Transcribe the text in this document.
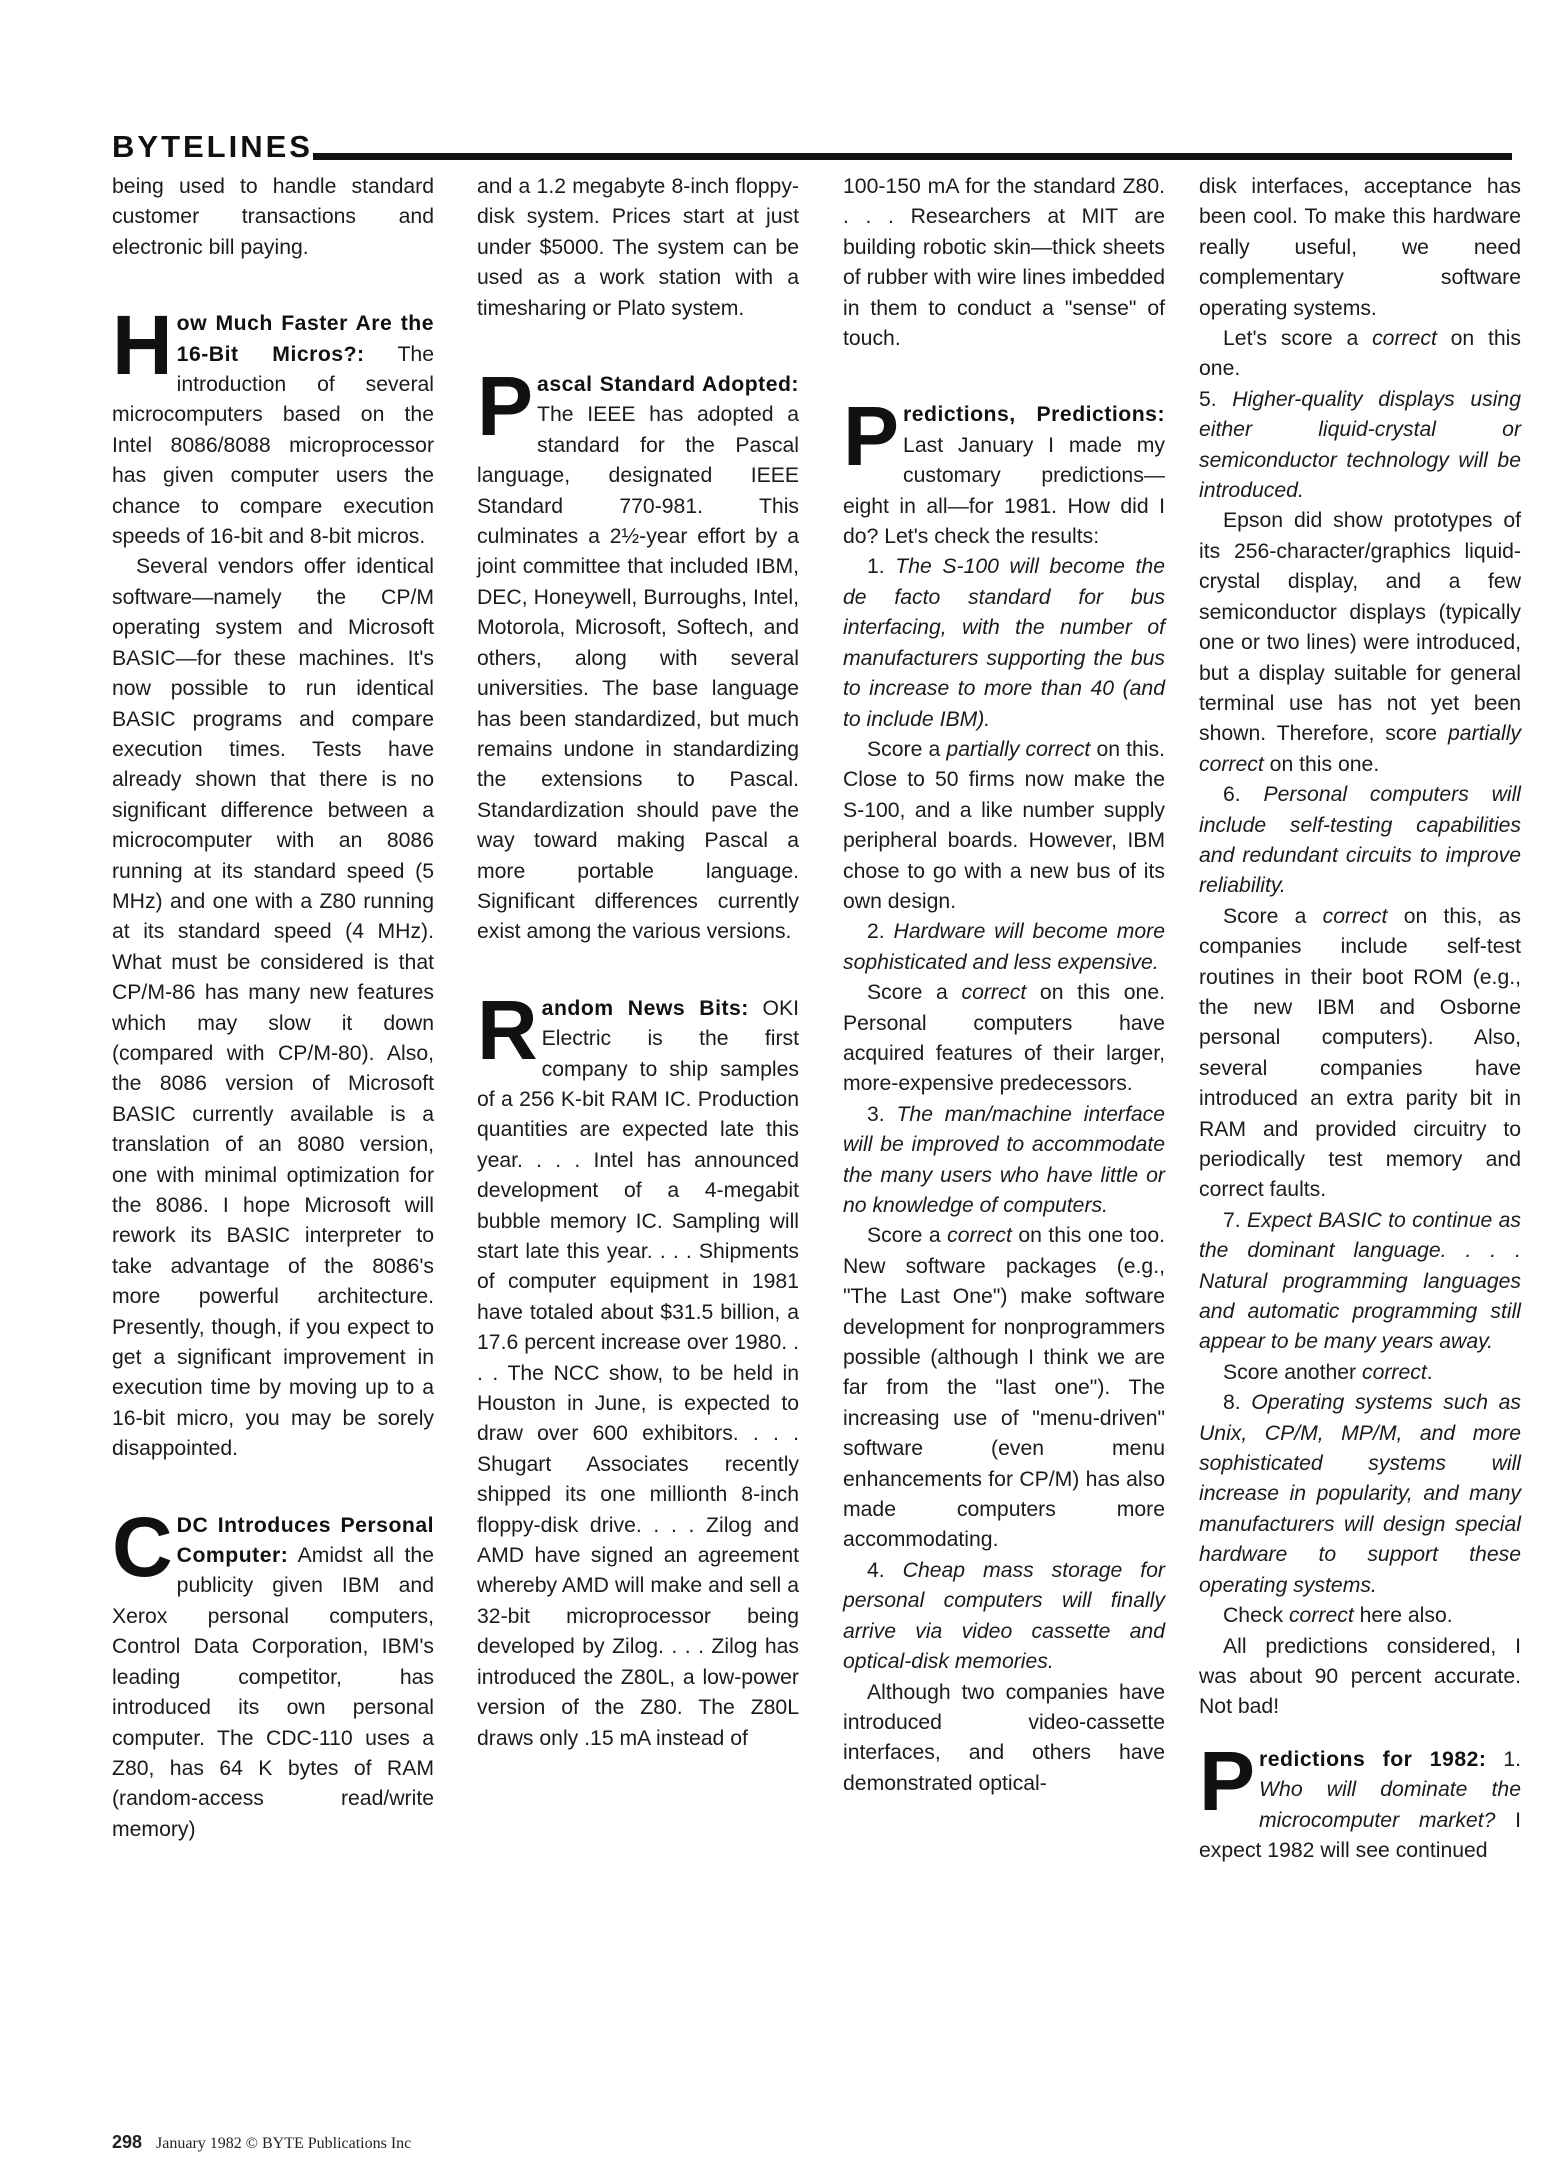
BYTELINES

being used to handle standard customer transactions and electronic bill paying.

How Much Faster Are the 16-Bit Micros?: The introduction of several microcomputers based on the Intel 8086/8088 microprocessor has given computer users the chance to compare execution speeds of 16-bit and 8-bit micros.

Several vendors offer identical software—namely the CP/M operating system and Microsoft BASIC—for these machines. It's now possible to run identical BASIC programs and compare execution times. Tests have already shown that there is no significant difference between a microcomputer with an 8086 running at its standard speed (5 MHz) and one with a Z80 running at its standard speed (4 MHz). What must be considered is that CP/M-86 has many new features which may slow it down (compared with CP/M-80). Also, the 8086 version of Microsoft BASIC currently available is a translation of an 8080 version, one with minimal optimization for the 8086. I hope Microsoft will rework its BASIC interpreter to take advantage of the 8086's more powerful architecture. Presently, though, if you expect to get a significant improvement in execution time by moving up to a 16-bit micro, you may be sorely disappointed.

CDC Introduces Personal Computer: Amidst all the publicity given IBM and Xerox personal computers, Control Data Corporation, IBM's leading competitor, has introduced its own personal computer. The CDC-110 uses a Z80, has 64 K bytes of RAM (random-access read/write memory)

and a 1.2 megabyte 8-inch floppy-disk system. Prices start at just under $5000. The system can be used as a work station with a timesharing or Plato system.

Pascal Standard Adopted: The IEEE has adopted a standard for the Pascal language, designated IEEE Standard 770-981. This culminates a 2½-year effort by a joint committee that included IBM, DEC, Honeywell, Burroughs, Intel, Motorola, Microsoft, Softech, and others, along with several universities. The base language has been standardized, but much remains undone in standardizing the extensions to Pascal. Standardization should pave the way toward making Pascal a more portable language. Significant differences currently exist among the various versions.

Random News Bits: OKI Electric is the first company to ship samples of a 256 K-bit RAM IC. Production quantities are expected late this year. . . . Intel has announced development of a 4-megabit bubble memory IC. Sampling will start late this year. . . . Shipments of computer equipment in 1981 have totaled about $31.5 billion, a 17.6 percent increase over 1980. . . . The NCC show, to be held in Houston in June, is expected to draw over 600 exhibitors. . . . Shugart Associates recently shipped its one millionth 8-inch floppy-disk drive. . . . Zilog and AMD have signed an agreement whereby AMD will make and sell a 32-bit microprocessor being developed by Zilog. . . . Zilog has introduced the Z80L, a low-power version of the Z80. The Z80L draws only .15 mA instead of

100-150 mA for the standard Z80. . . . Researchers at MIT are building robotic skin—thick sheets of rubber with wire lines imbedded in them to conduct a "sense" of touch.

Predictions, Predictions: Last January I made my customary predictions—eight in all—for 1981. How did I do? Let's check the results:

1. The S-100 will become the de facto standard for bus interfacing, with the number of manufacturers supporting the bus to increase to more than 40 (and to include IBM).

Score a partially correct on this. Close to 50 firms now make the S-100, and a like number supply peripheral boards. However, IBM chose to go with a new bus of its own design.

2. Hardware will become more sophisticated and less expensive.

Score a correct on this one. Personal computers have acquired features of their larger, more-expensive predecessors.

3. The man/machine interface will be improved to accommodate the many users who have little or no knowledge of computers.

Score a correct on this one too. New software packages (e.g., "The Last One") make software development for nonprogrammers possible (although I think we are far from the "last one"). The increasing use of "menu-driven" software (even menu enhancements for CP/M) has also made computers more accommodating.

4. Cheap mass storage for personal computers will finally arrive via video cassette and optical-disk memories.

Although two companies have introduced video-cassette interfaces, and others have demonstrated optical-

disk interfaces, acceptance has been cool. To make this hardware really useful, we need complementary software operating systems.

Let's score a correct on this one.

5. Higher-quality displays using either liquid-crystal or semiconductor technology will be introduced.

Epson did show prototypes of its 256-character/graphics liquid-crystal display, and a few semiconductor displays (typically one or two lines) were introduced, but a display suitable for general terminal use has not yet been shown. Therefore, score partially correct on this one.

6. Personal computers will include self-testing capabilities and redundant circuits to improve reliability.

Score a correct on this, as companies include self-test routines in their boot ROM (e.g., the new IBM and Osborne personal computers). Also, several companies have introduced an extra parity bit in RAM and provided circuitry to periodically test memory and correct faults.

7. Expect BASIC to continue as the dominant language. . . . Natural programming languages and automatic programming still appear to be many years away.

Score another correct.

8. Operating systems such as Unix, CP/M, MP/M, and more sophisticated systems will increase in popularity, and many manufacturers will design special hardware to support these operating systems.

Check correct here also.

All predictions considered, I was about 90 percent accurate. Not bad!

Predictions for 1982: 1. Who will dominate the microcomputer market? I expect 1982 will see continued

298 January 1982 © BYTE Publications Inc
